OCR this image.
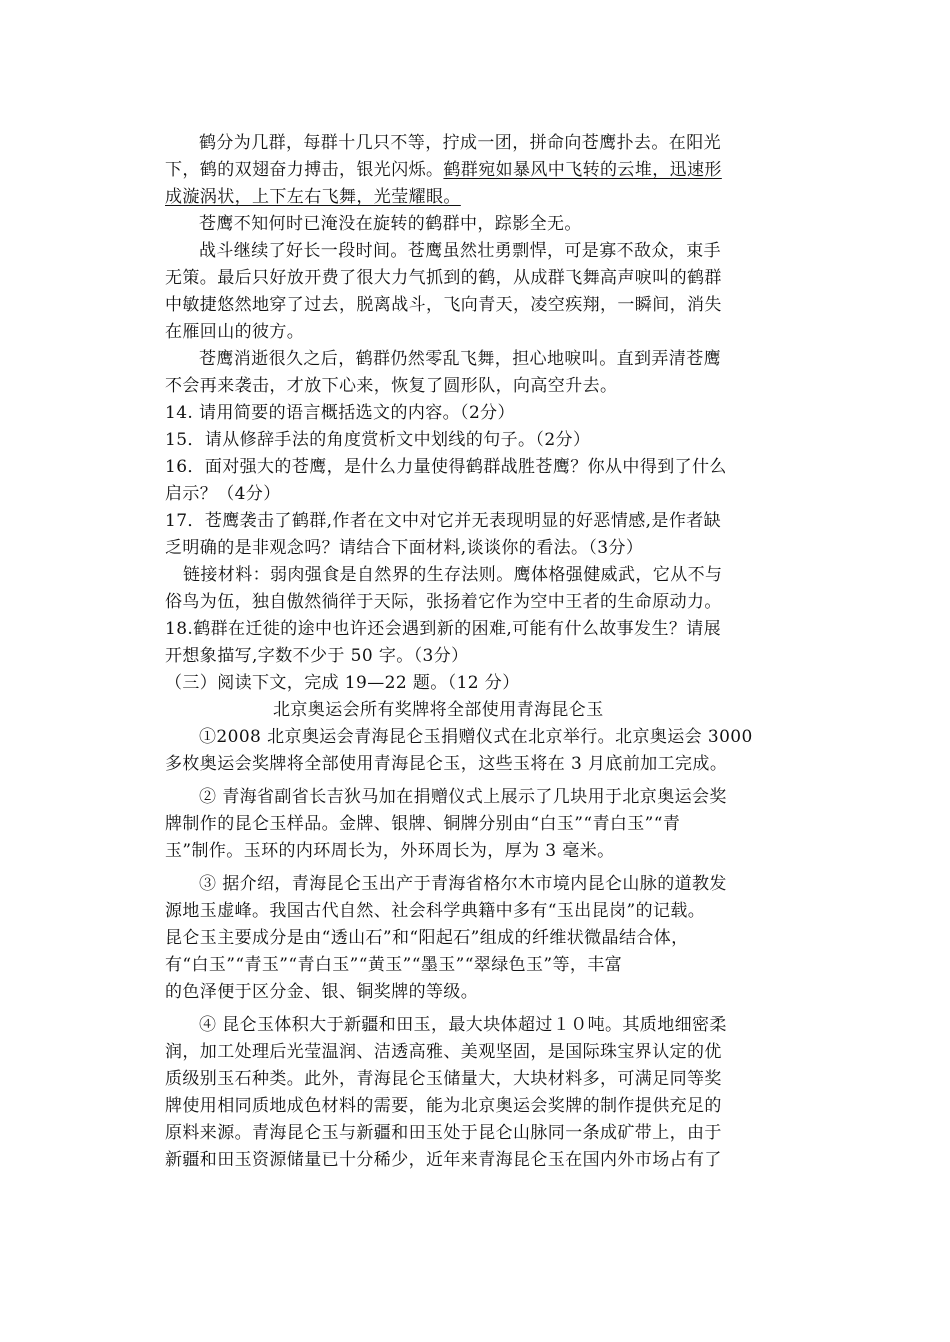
鹤分为几群，每群十几只不等，拧成一团，拼命向苍鹰扑去。在阳光
下，鹤的双翅奋力搏击，银光闪烁。鹤群宛如暴风中飞转的云堆，迅速形
成漩涡状，上下左右飞舞，光莹耀眼。
苍鹰不知何时已淹没在旋转的鹤群中，踪影全无。
战斗继续了好长一段时间。苍鹰虽然壮勇剽悍，可是寡不敌众，束手
无策。最后只好放开费了很大力气抓到的鹤，从成群飞舞高声唳叫的鹤群
中敏捷悠然地穿了过去，脱离战斗，飞向青天，凌空疾翔，一瞬间，消失
在雁回山的彼方。
苍鹰消逝很久之后，鹤群仍然零乱飞舞，担心地唳叫。直到弄清苍鹰
不会再来袭击，才放下心来，恢复了圆形队，向高空升去。
14. 请用简要的语言概括选文的内容。（2分）
15．请从修辞手法的角度赏析文中划线的句子。（2分）
16．面对强大的苍鹰，是什么力量使得鹤群战胜苍鹰？你从中得到了什么
启示？（4分）
17．苍鹰袭击了鹤群,作者在文中对它并无表现明显的好恶情感,是作者缺
乏明确的是非观念吗？请结合下面材料,谈谈你的看法。（3分）
链接材料：弱肉强食是自然界的生存法则。鹰体格强健威武，它从不与
俗鸟为伍，独自傲然徜徉于天际，张扬着它作为空中王者的生命原动力。
18.鹤群在迁徙的途中也许还会遇到新的困难,可能有什么故事发生？请展
开想象描写,字数不少于 50 字。（3分）
（三）阅读下文，完成 19—22 题。（12 分）
北京奥运会所有奖牌将全部使用青海昆仑玉
①2008 北京奥运会青海昆仑玉捐赠仪式在北京举行。北京奥运会 3000
多枚奥运会奖牌将全部使用青海昆仑玉，这些玉将在 3 月底前加工完成。
② 青海省副省长吉狄马加在捐赠仪式上展示了几块用于北京奥运会奖
牌制作的昆仑玉样品。金牌、银牌、铜牌分别由“白玉”“青白玉”“青
玉”制作。玉环的内环周长为，外环周长为，厚为 3 毫米。
③ 据介绍，青海昆仑玉出产于青海省格尔木市境内昆仑山脉的道教发
源地玉虚峰。我国古代自然、社会科学典籍中多有“玉出昆岗”的记载。
昆仑玉主要成分是由“透山石”和“阳起石”组成的纤维状微晶结合体，
有“白玉”“青玉”“青白玉”“黄玉”“墨玉”“翠绿色玉”等，丰富
的色泽便于区分金、银、铜奖牌的等级。
④ 昆仑玉体积大于新疆和田玉，最大块体超过１０吨。其质地细密柔
润，加工处理后光莹温润、洁透高雅、美观坚固，是国际珠宝界认定的优
质级别玉石种类。此外，青海昆仑玉储量大，大块材料多，可满足同等奖
牌使用相同质地成色材料的需要，能为北京奥运会奖牌的制作提供充足的
原料来源。青海昆仑玉与新疆和田玉处于昆仑山脉同一条成矿带上，由于
新疆和田玉资源储量已十分稀少，近年来青海昆仑玉在国内外市场占有了
